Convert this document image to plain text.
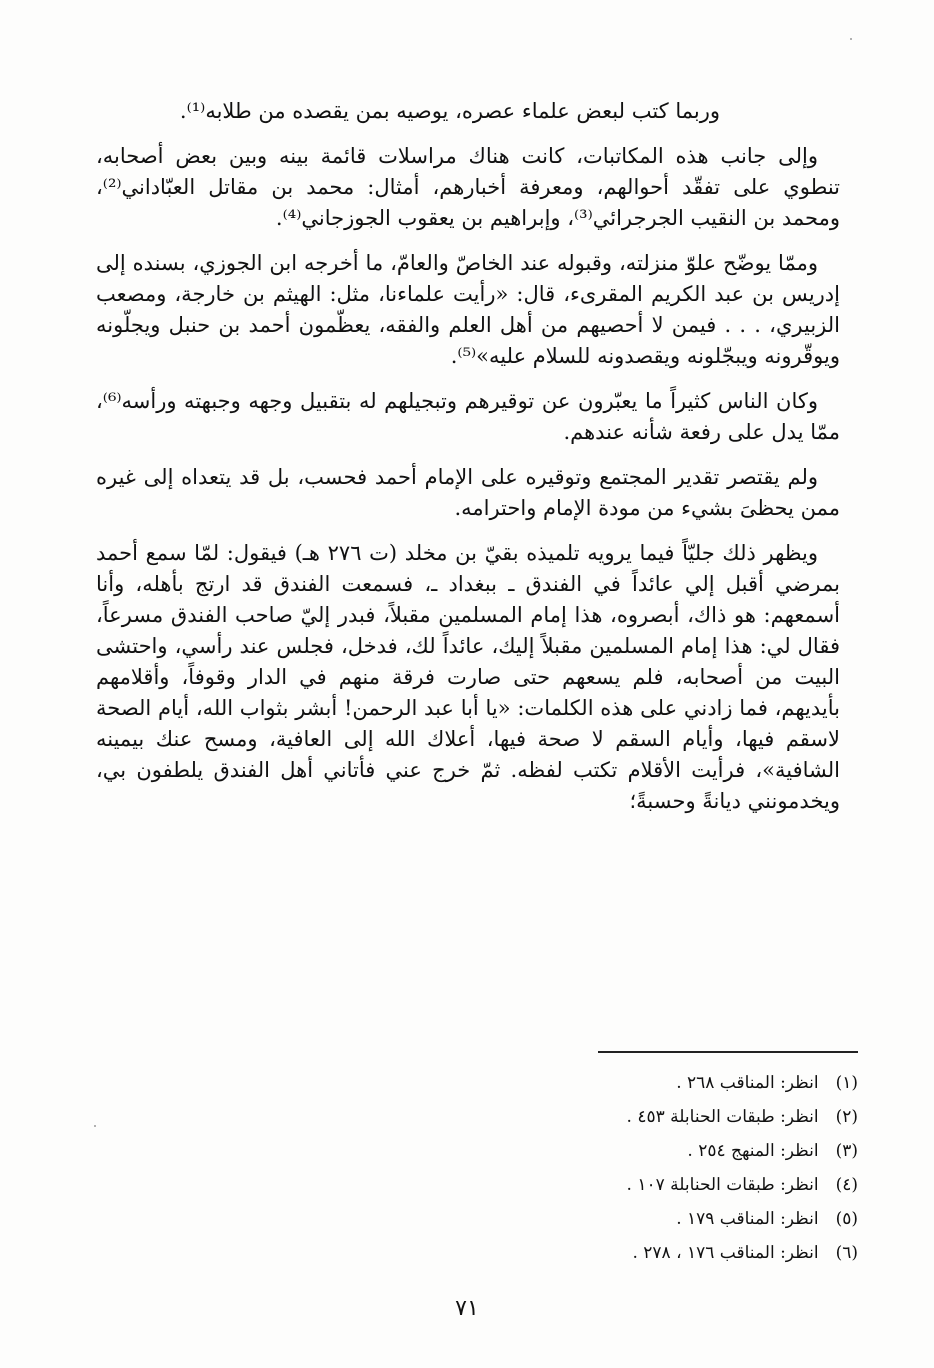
وربما كتب لبعض علماء عصره، يوصيه بمن يقصده من طلابه⁽¹⁾.

وإلى جانب هذه المكاتبات، كانت هناك مراسلات قائمة بينه وبين بعض أصحابه، تنطوي على تفقّد أحوالهم، ومعرفة أخبارهم، أمثال: محمد بن مقاتل العبّاداني⁽²⁾، ومحمد بن النقيب الجرجرائي⁽³⁾، وإبراهيم بن يعقوب الجوزجاني⁽⁴⁾.

وممّا يوضّح علوّ منزلته، وقبوله عند الخاصّ والعامّ، ما أخرجه ابن الجوزي، بسنده إلى إدريس بن عبد الكريم المقرىء، قال: «رأيت علماءنا، مثل: الهيثم بن خارجة، ومصعب الزبيري، . . . فيمن لا أحصيهم من أهل العلم والفقه، يعظّمون أحمد بن حنبل ويجلّونه ويوقّرونه ويبجّلونه ويقصدونه للسلام عليه»⁽⁵⁾.

وكان الناس كثيراً ما يعبّرون عن توقيرهم وتبجيلهم له بتقبيل وجهه وجبهته ورأسه⁽⁶⁾، ممّا يدل على رفعة شأنه عندهم.

ولم يقتصر تقدير المجتمع وتوقيره على الإمام أحمد فحسب، بل قد يتعداه إلى غيره ممن يحظىَ بشيء من مودة الإمام واحترامه.

ويظهر ذلك جليّاً فيما يرويه تلميذه بقيّ بن مخلد (ت ٢٧٦ هـ) فيقول: لمّا سمع أحمد بمرضي أقبل إلي عائداً في الفندق ـ ببغداد ـ، فسمعت الفندق قد ارتج بأهله، وأنا أسمعهم: هو ذاك، أبصروه، هذا إمام المسلمين مقبلاً، فبدر إليّ صاحب الفندق مسرعاً، فقال لي: هذا إمام المسلمين مقبلاً إليك، عائداً لك، فدخل، فجلس عند رأسي، واحتشى البيت من أصحابه، فلم يسعهم حتى صارت فرقة منهم في الدار وقوفاً، وأقلامهم بأيديهم، فما زادني على هذه الكلمات: «يا أبا عبد الرحمن! أبشر بثواب الله، أيام الصحة لاسقم فيها، وأيام السقم لا صحة فيها، أعلاك الله إلى العافية، ومسح عنك بيمينه الشافية»، فرأيت الأقلام تكتب لفظه. ثمّ خرج عني فأتاني أهل الفندق يلطفون بي، ويخدمونني ديانةً وحسبةً؛

(١) انظر: المناقب ٢٦٨ .
(٢) انظر: طبقات الحنابلة ٤٥٣ .
(٣) انظر: المنهج ٢٥٤ .
(٤) انظر: طبقات الحنابلة ١٠٧ .
(٥) انظر: المناقب ١٧٩ .
(٦) انظر: المناقب ١٧٦ ، ٢٧٨ .
٧١
